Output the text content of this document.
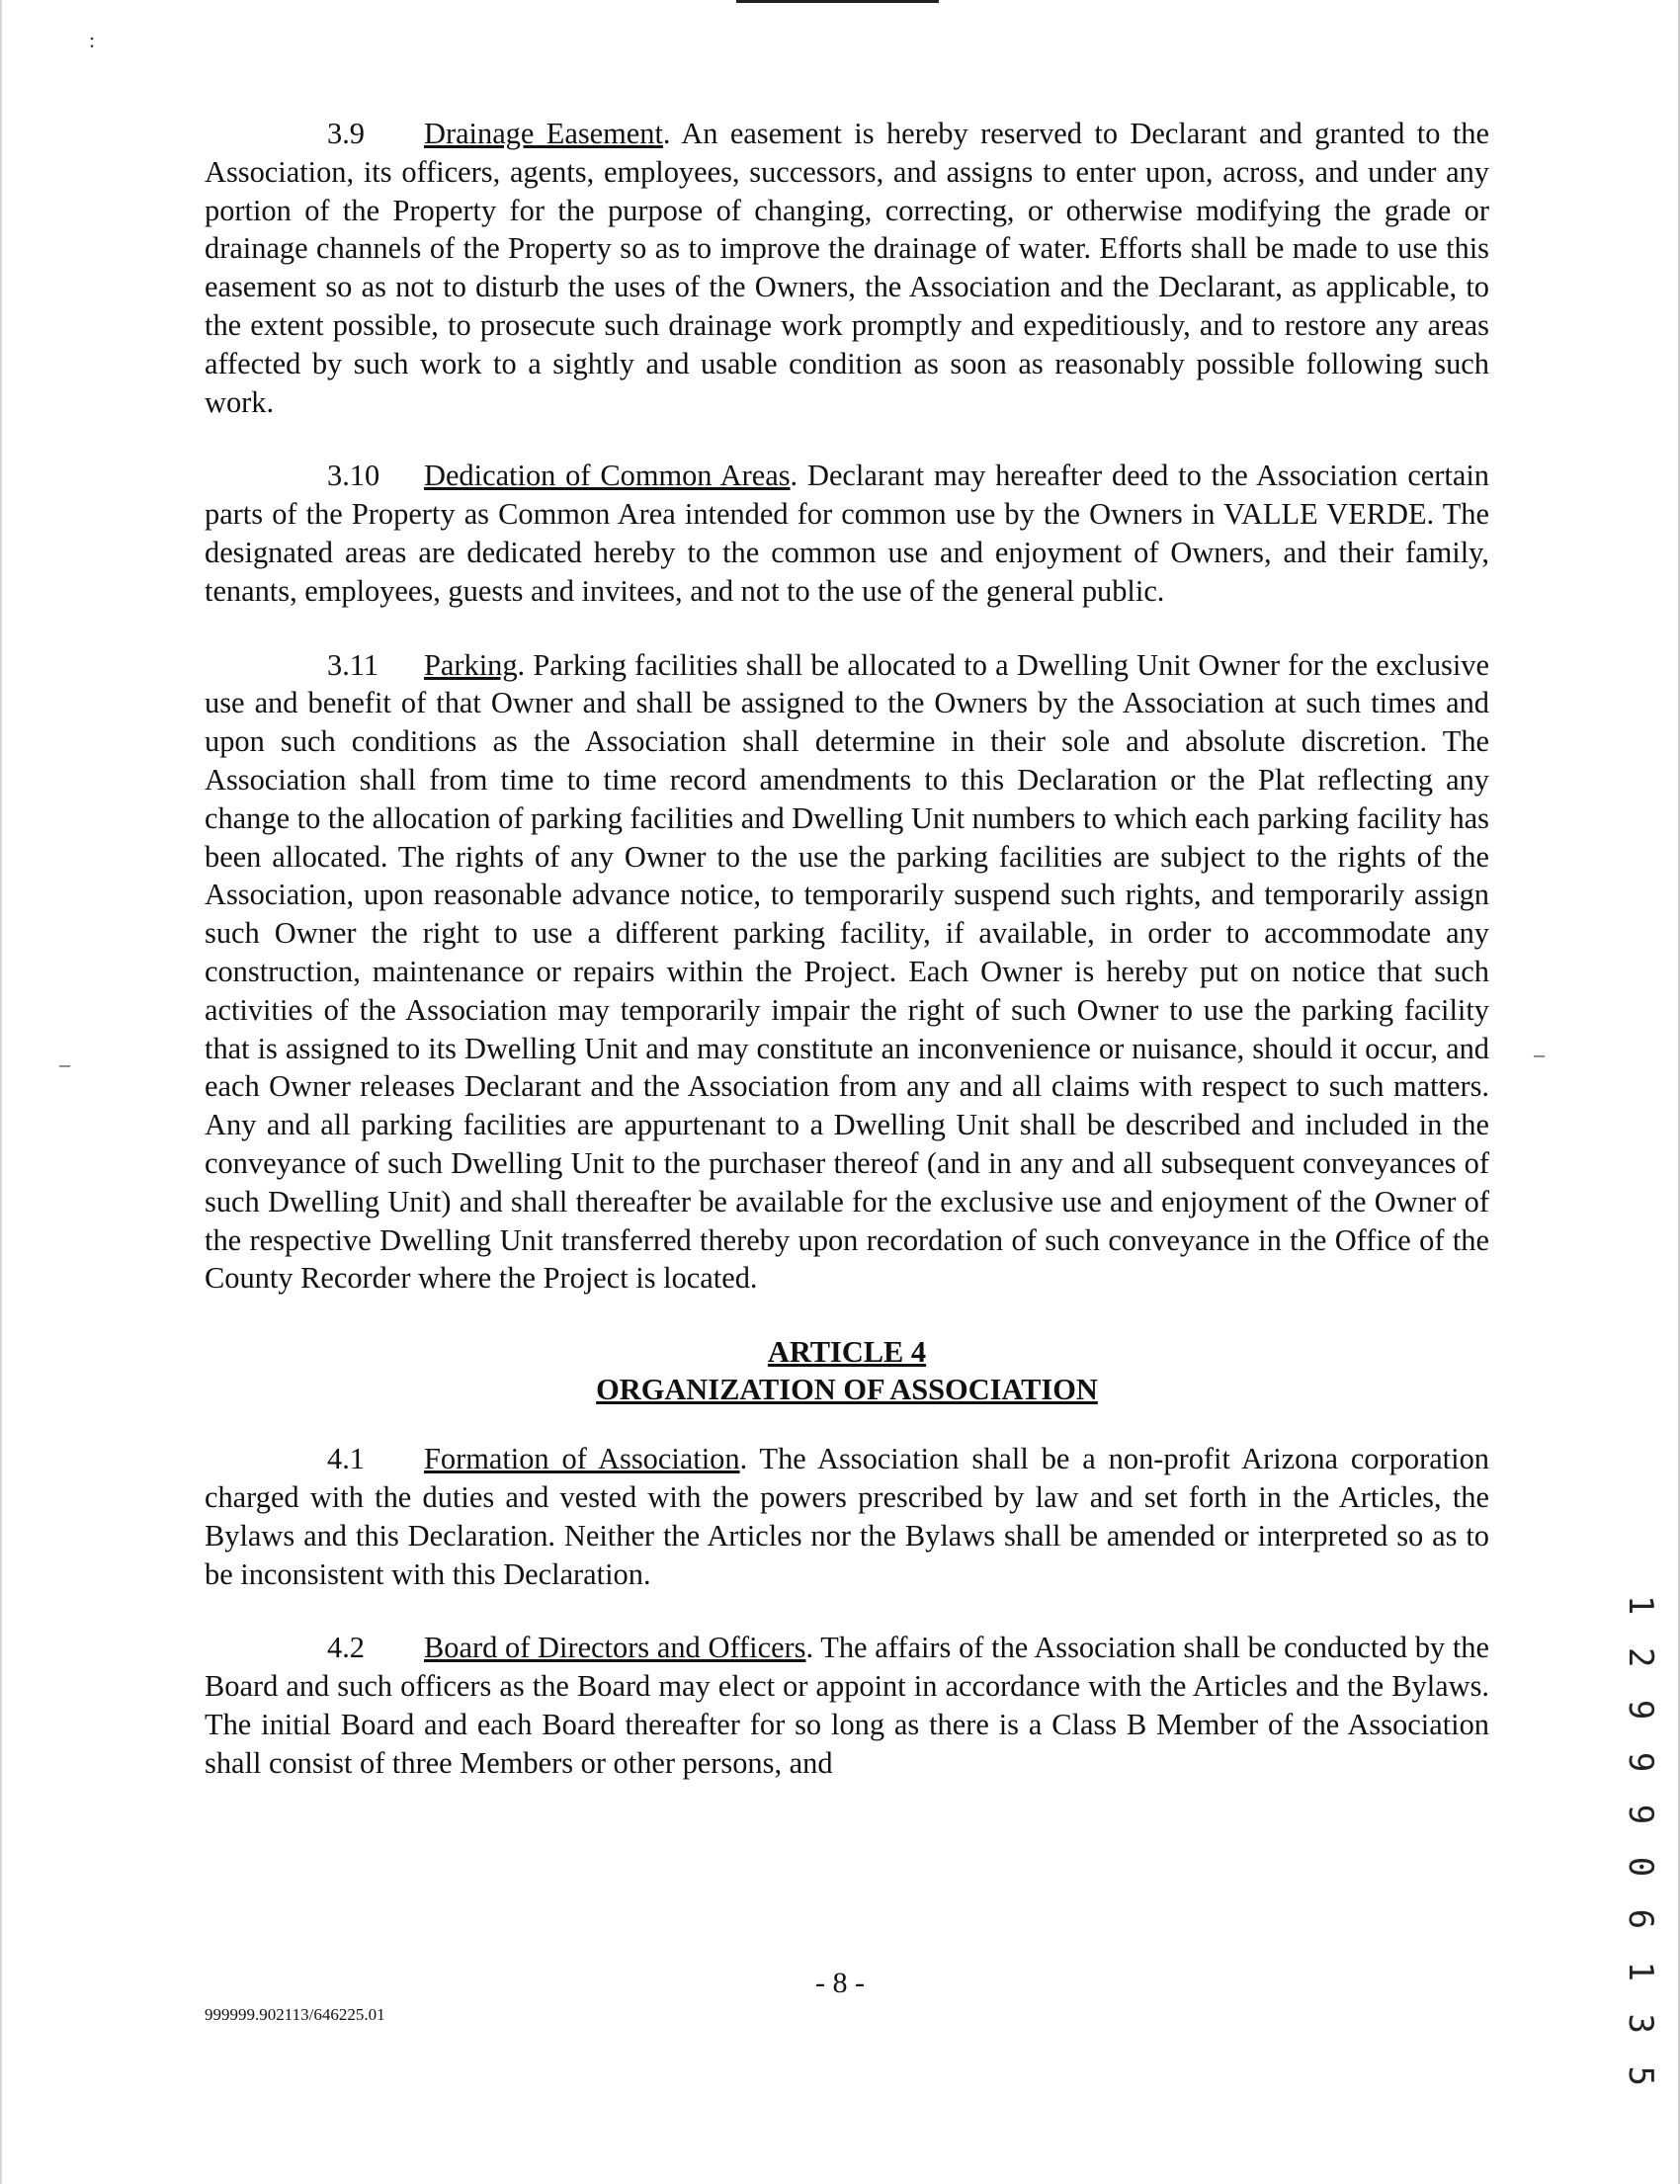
:
–	–

3.9 Drainage Easement. An easement is hereby reserved to Declarant and granted to the Association, its officers, agents, employees, successors, and assigns to enter upon, across, and under any portion of the Property for the purpose of changing, correcting, or otherwise modifying the grade or drainage channels of the Property so as to improve the drainage of water. Efforts shall be made to use this easement so as not to disturb the uses of the Owners, the Association and the Declarant, as applicable, to the extent possible, to prosecute such drainage work promptly and expeditiously, and to restore any areas affected by such work to a sightly and usable condition as soon as reasonably possible following such work.

3.10 Dedication of Common Areas. Declarant may hereafter deed to the Association certain parts of the Property as Common Area intended for common use by the Owners in VALLE VERDE. The designated areas are dedicated hereby to the common use and enjoyment of Owners, and their family, tenants, employees, guests and invitees, and not to the use of the general public.

3.11 Parking. Parking facilities shall be allocated to a Dwelling Unit Owner for the exclusive use and benefit of that Owner and shall be assigned to the Owners by the Association at such times and upon such conditions as the Association shall determine in their sole and absolute discretion. The Association shall from time to time record amendments to this Declaration or the Plat reflecting any change to the allocation of parking facilities and Dwelling Unit numbers to which each parking facility has been allocated. The rights of any Owner to the use the parking facilities are subject to the rights of the Association, upon reasonable advance notice, to temporarily suspend such rights, and temporarily assign such Owner the right to use a different parking facility, if available, in order to accommodate any construction, maintenance or repairs within the Project. Each Owner is hereby put on notice that such activities of the Association may temporarily impair the right of such Owner to use the parking facility that is assigned to its Dwelling Unit and may constitute an inconvenience or nuisance, should it occur, and each Owner releases Declarant and the Association from any and all claims with respect to such matters. Any and all parking facilities are appurtenant to a Dwelling Unit shall be described and included in the conveyance of such Dwelling Unit to the purchaser thereof (and in any and all subsequent conveyances of such Dwelling Unit) and shall thereafter be available for the exclusive use and enjoyment of the Owner of the respective Dwelling Unit transferred thereby upon recordation of such conveyance in the Office of the County Recorder where the Project is located.

ARTICLE 4
ORGANIZATION OF ASSOCIATION

4.1 Formation of Association. The Association shall be a non-profit Arizona corporation charged with the duties and vested with the powers prescribed by law and set forth in the Articles, the Bylaws and this Declaration. Neither the Articles nor the Bylaws shall be amended or interpreted so as to be inconsistent with this Declaration.

4.2 Board of Directors and Officers. The affairs of the Association shall be conducted by the Board and such officers as the Board may elect or appoint in accordance with the Articles and the Bylaws. The initial Board and each Board thereafter for so long as there is a Class B Member of the Association shall consist of three Members or other persons, and	1 2 9 9 9 0 6 1 3 5
- 8 -
999999.902113/646225.01
